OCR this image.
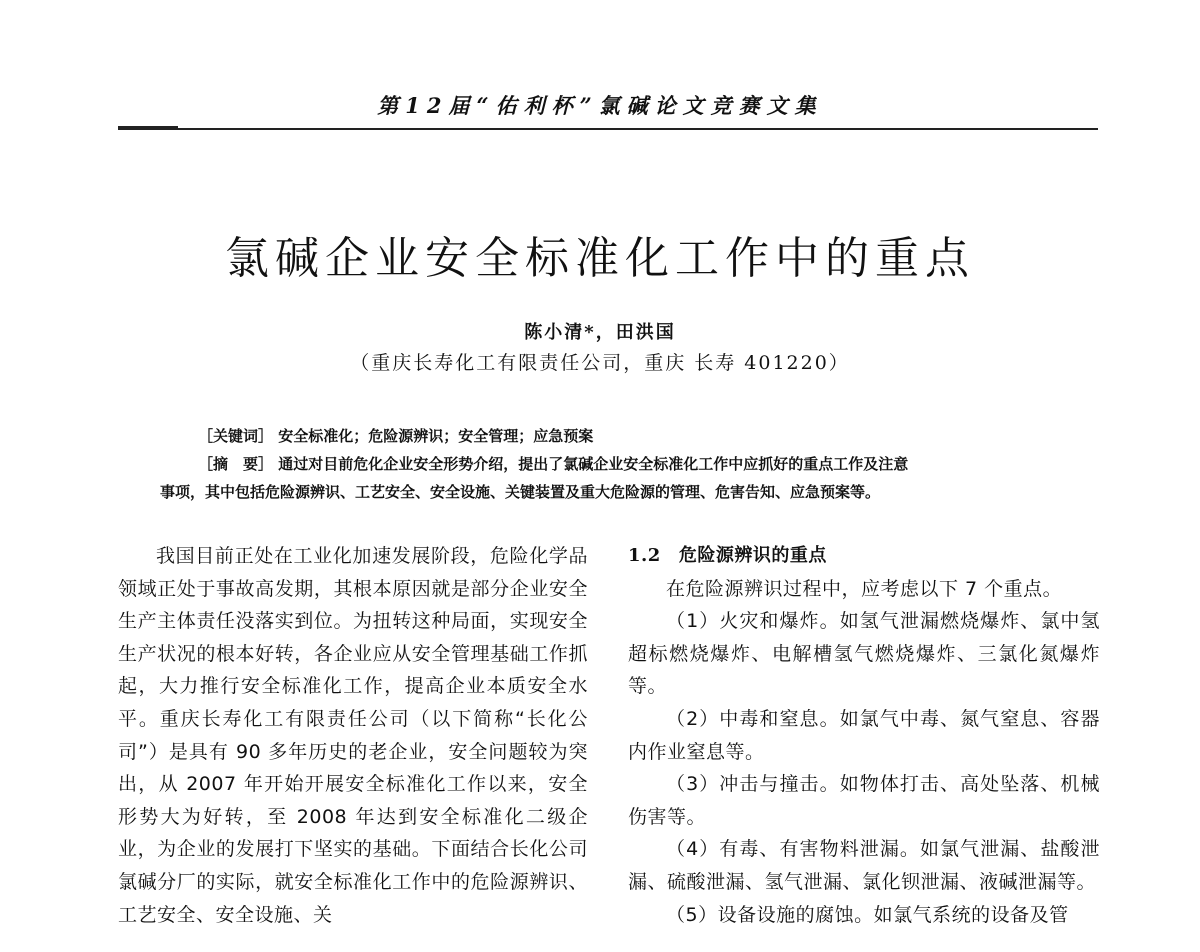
第12届“佑利杯”氯碱论文竞赛文集
氯碱企业安全标准化工作中的重点
陈小清*，田洪国
（重庆长寿化工有限责任公司，重庆 长寿 401220）
［关键词］ 安全标准化；危险源辨识；安全管理；应急预案
［摘　要］ 通过对目前危化企业安全形势介绍，提出了氯碱企业安全标准化工作中应抓好的重点工作及注意
事项，其中包括危险源辨识、工艺安全、安全设施、关键装置及重大危险源的管理、危害告知、应急预案等。

我国目前正处在工业化加速发展阶段，危险化学品领域正处于事故高发期，其根本原因就是部分企业安全生产主体责任没落实到位。为扭转这种局面，实现安全生产状况的根本好转，各企业应从安全管理基础工作抓起，大力推行安全标准化工作，提高企业本质安全水平。重庆长寿化工有限责任公司（以下简称“长化公司”）是具有 90 多年历史的老企业，安全问题较为突出，从 2007 年开始开展安全标准化工作以来，安全形势大为好转，至 2008 年达到安全标准化二级企业，为企业的发展打下坚实的基础。下面结合长化公司氯碱分厂的实际，就安全标准化工作中的危险源辨识、工艺安全、安全设施、关

1.2 危险源辨识的重点

在危险源辨识过程中，应考虑以下 7 个重点。

（1）火灾和爆炸。如氢气泄漏燃烧爆炸、氯中氢超标燃烧爆炸、电解槽氢气燃烧爆炸、三氯化氮爆炸等。

（2）中毒和窒息。如氯气中毒、氮气窒息、容器内作业窒息等。

（3）冲击与撞击。如物体打击、高处坠落、机械伤害等。

（4）有毒、有害物料泄漏。如氯气泄漏、盐酸泄漏、硫酸泄漏、氢气泄漏、氯化钡泄漏、液碱泄漏等。

（5）设备设施的腐蚀。如氯气系统的设备及管
